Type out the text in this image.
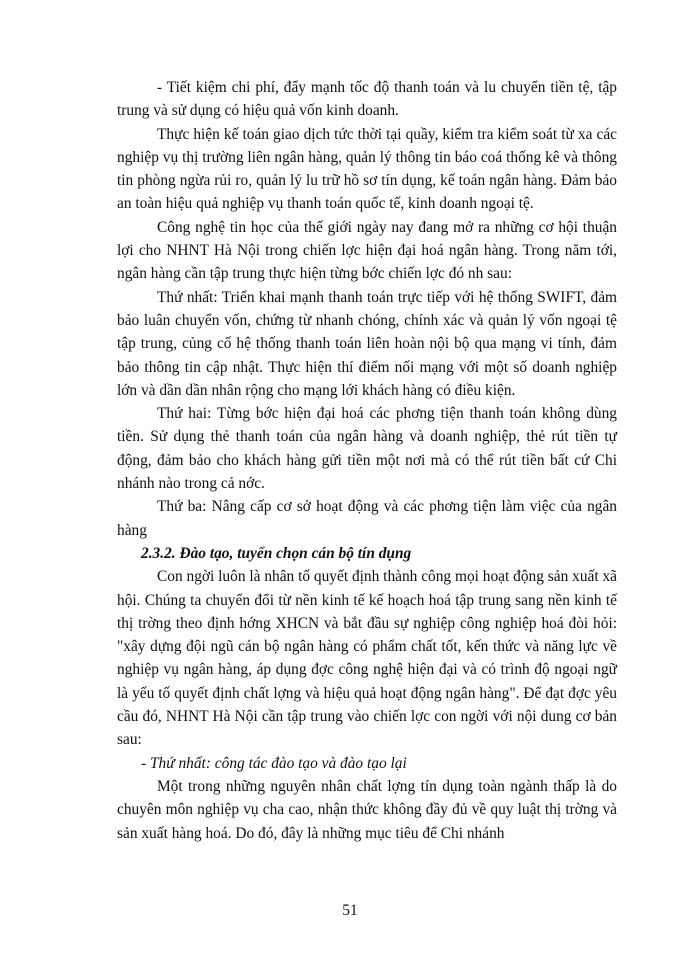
- Tiết kiệm chi phí, đẩy mạnh tốc độ thanh toán và lu chuyển tiền tệ, tập trung và sử dụng có hiệu quả vốn kinh doanh.

Thực hiện kế toán giao dịch tức thời tại quầy, kiểm tra kiểm soát từ xa các nghiệp vụ thị trường liên ngân hàng, quản lý thông tin báo coá thống kê và thông tin phòng ngừa rủi ro, quản lý lu trữ hồ sơ tín dụng, kế toán ngân hàng. Đảm bảo an toàn hiệu quả nghiệp vụ thanh toán quốc tế, kinh doanh ngoại tệ.

Công nghệ tin học của thế giới ngày nay đang mở ra những cơ hội thuận lợi cho NHNT Hà Nội trong chiến lợc hiện đại hoá ngân hàng. Trong năm tới, ngân hàng cần tập trung thực hiện từng bớc chiến lợc đó nh sau:

Thứ nhất: Triển khai mạnh thanh toán trực tiếp với hệ thống SWIFT, đảm bảo luân chuyển vốn, chứng từ nhanh chóng, chính xác và quản lý vốn ngoại tệ tập trung, củng cố hệ thống thanh toán liên hoàn nội bộ qua mạng vi tính, đảm bảo thông tin cập nhật. Thực hiện thí điểm nối mạng với một số doanh nghiệp lớn và dần dần nhân rộng cho mạng lới khách hàng có điều kiện.

Thứ hai: Từng bớc hiện đại hoá các phơng tiện thanh toán không dùng tiền. Sử dụng thẻ thanh toán của ngân hàng và doanh nghiệp, thẻ rút tiền tự động, đảm bảo cho khách hàng gửi tiền một nơi mà có thể rút tiền bất cứ Chi nhánh nào trong cả nớc.

Thứ ba: Nâng cấp cơ sở hoạt động và các phơng tiện làm việc của ngân hàng

2.3.2. Đào tạo, tuyển chọn cán bộ tín dụng

Con ngời luôn là nhân tố quyết định thành công mọi hoạt động sản xuất xã hội. Chúng ta chuyển đổi từ nền kinh tế kế hoạch hoá tập trung sang nền kinh tế thị trờng theo định hớng XHCN và bắt đầu sự nghiệp công nghiệp hoá đòi hỏi: "xây dựng đội ngũ cán bộ ngân hàng có phẩm chất tốt, kến thức và năng lực về nghiệp vụ ngân hàng, áp dụng đợc công nghệ hiện đại và có trình độ ngoại ngữ là yếu tố quyết định chất lợng và hiệu quả hoạt động ngân hàng". Để đạt đợc yêu cầu đó, NHNT Hà Nội cần tập trung vào chiến lợc con ngời với nội dung cơ bản sau:

- Thứ nhất: công tác đào tạo và đào tạo lại

Một trong những nguyên nhân chất lợng tín dụng toàn ngành thấp là do chuyên môn nghiệp vụ cha cao, nhận thức không đầy đủ về quy luật thị trờng và sản xuất hàng hoá. Do đó, đây là những mục tiêu để Chi nhánh

51
